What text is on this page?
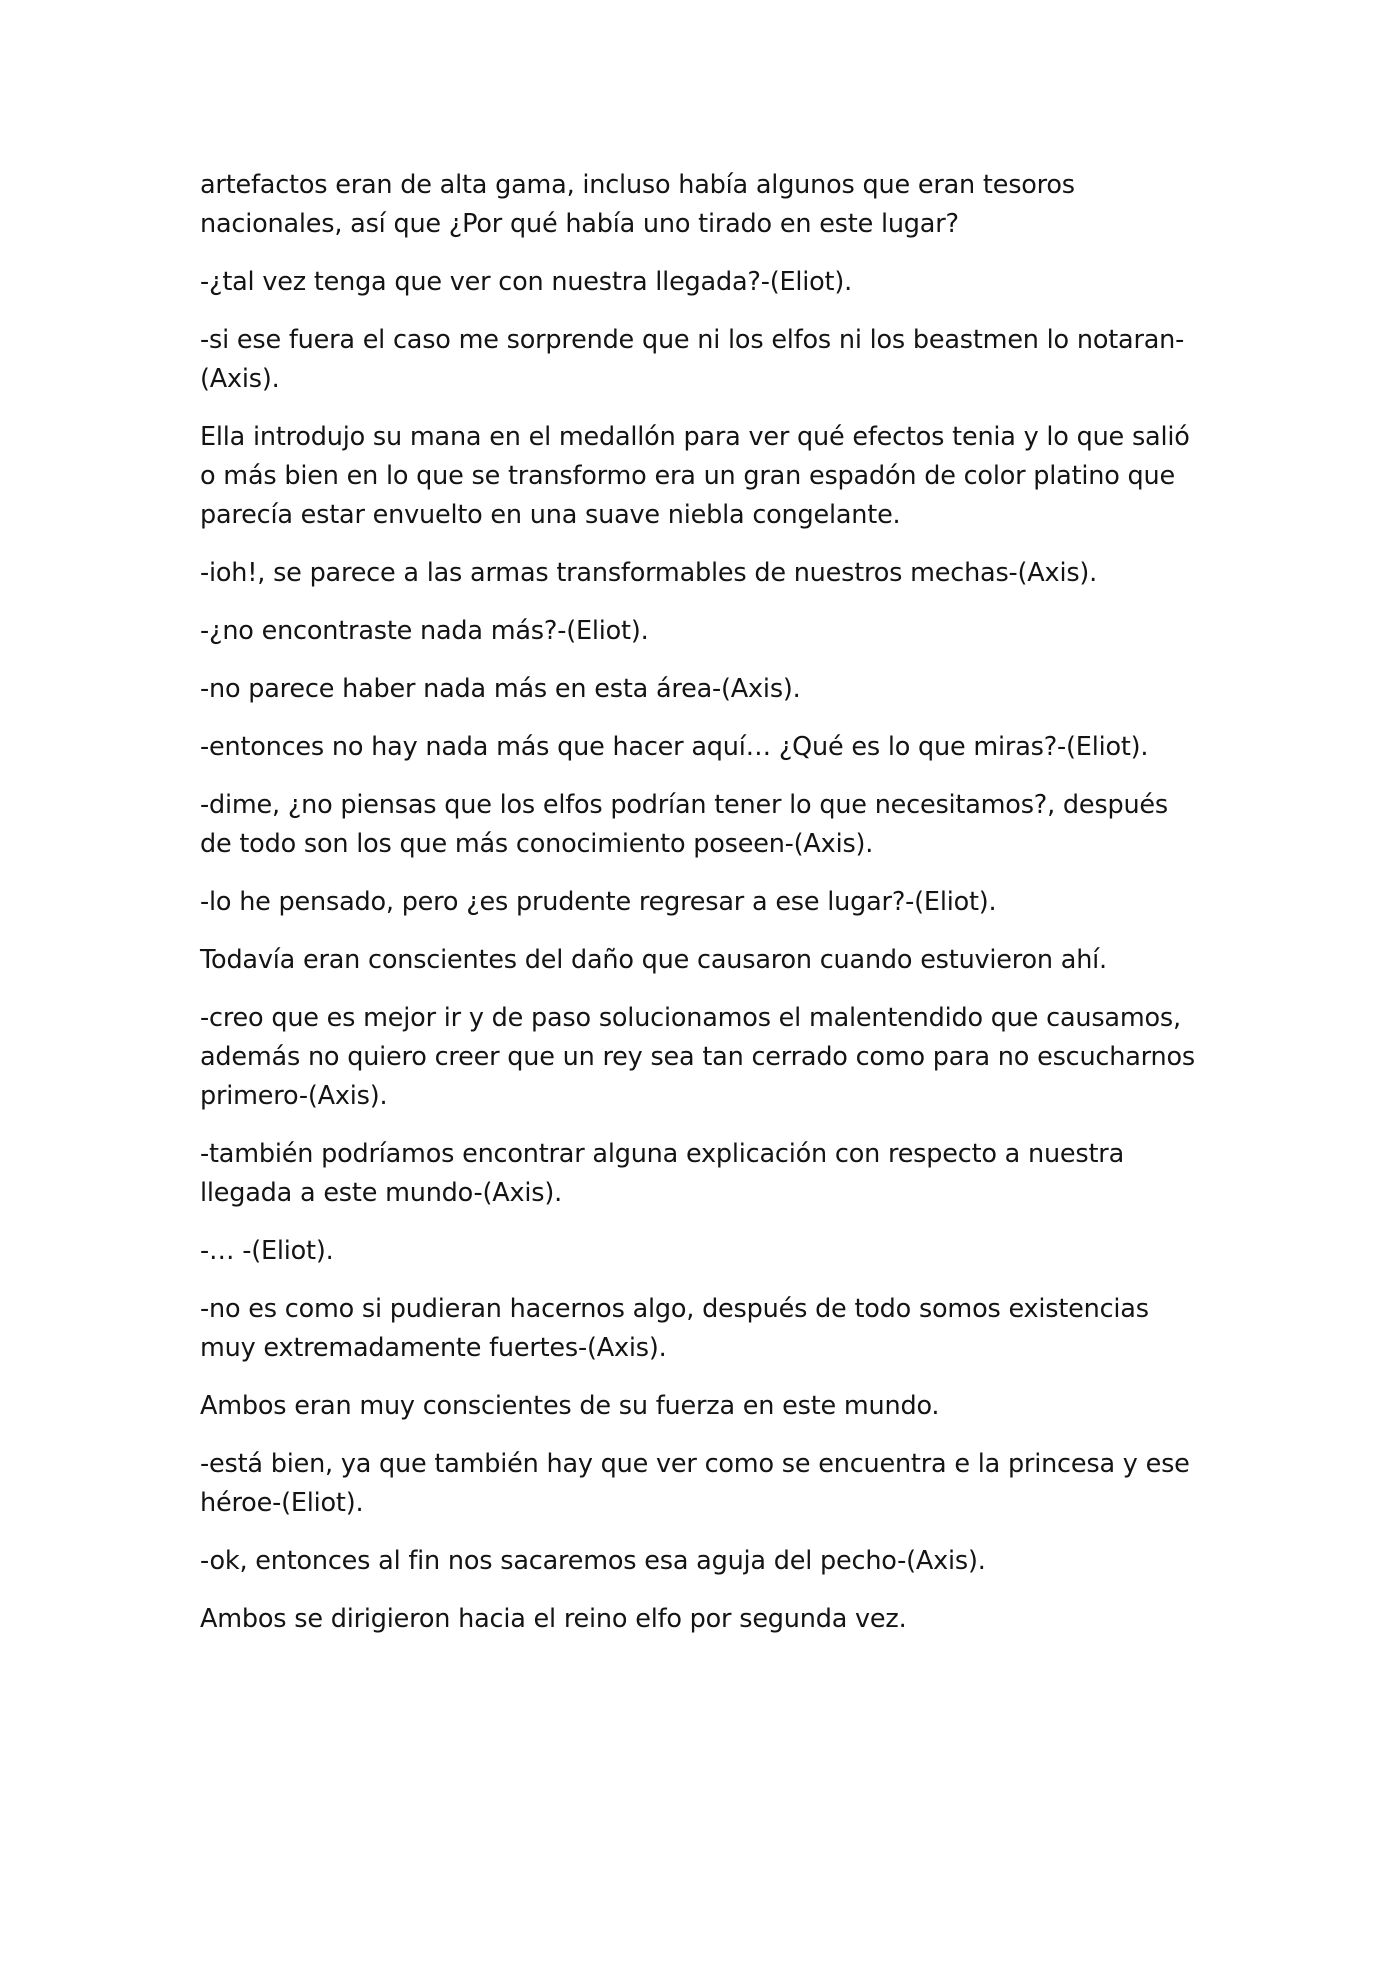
artefactos eran de alta gama, incluso había algunos que eran tesoros nacionales, así que ¿Por qué había uno tirado en este lugar?

-¿tal vez tenga que ver con nuestra llegada?-(Eliot).

-si ese fuera el caso me sorprende que ni los elfos ni los beastmen lo notaran-(Axis).

Ella introdujo su mana en el medallón para ver qué efectos tenia y lo que salió o más bien en lo que se transformo era un gran espadón de color platino que parecía estar envuelto en una suave niebla congelante.

-ioh!, se parece a las armas transformables de nuestros mechas-(Axis).

-¿no encontraste nada más?-(Eliot).

-no parece haber nada más en esta área-(Axis).

-entonces no hay nada más que hacer aquí… ¿Qué es lo que miras?-(Eliot).

-dime, ¿no piensas que los elfos podrían tener lo que necesitamos?, después de todo son los que más conocimiento poseen-(Axis).

-lo he pensado, pero ¿es prudente regresar a ese lugar?-(Eliot).

Todavía eran conscientes del daño que causaron cuando estuvieron ahí.

-creo que es mejor ir y de paso solucionamos el malentendido que causamos, además no quiero creer que un rey sea tan cerrado como para no escucharnos primero-(Axis).

-también podríamos encontrar alguna explicación con respecto a nuestra llegada a este mundo-(Axis).

-… -(Eliot).

-no es como si pudieran hacernos algo, después de todo somos existencias muy extremadamente fuertes-(Axis).

Ambos eran muy conscientes de su fuerza en este mundo.

-está bien, ya que también hay que ver como se encuentra e la princesa y ese héroe-(Eliot).

-ok, entonces al fin nos sacaremos esa aguja del pecho-(Axis).

Ambos se dirigieron hacia el reino elfo por segunda vez.
